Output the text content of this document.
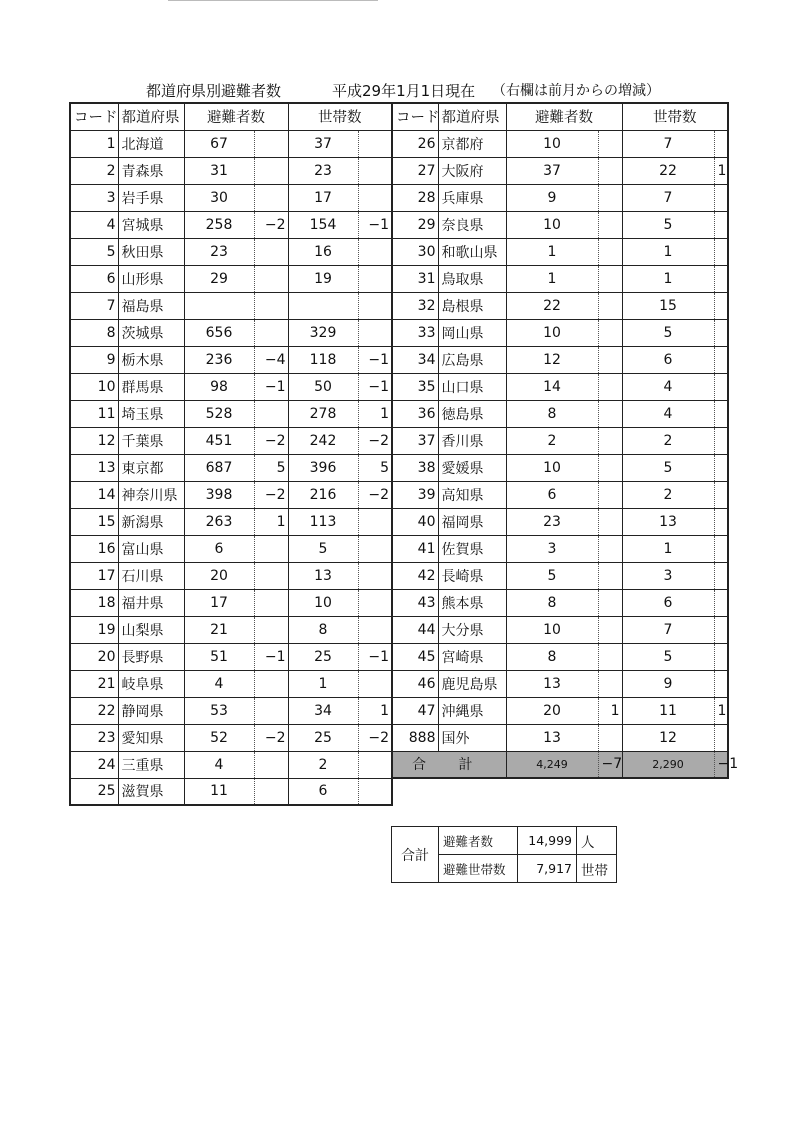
都道府県別避難者数	平成29年1月1日現在 （右欄は前月からの増減）
コード	都道府県	避難者数		世帯数	
1	北海道	67		37	
2	青森県	31		23	
3	岩手県	30		17	
4	宮城県	258	−2	154	−1
5	秋田県	23		16	
6	山形県	29		19	
7	福島県				
8	茨城県	656		329	
9	栃木県	236	−4	118	−1
10	群馬県	98	−1	50	−1
11	埼玉県	528		278	1
12	千葉県	451	−2	242	−2
13	東京都	687	5	396	5
14	神奈川県	398	−2	216	−2
15	新潟県	263	1	113	
16	富山県	6		5	
17	石川県	20		13	
18	福井県	17		10	
19	山梨県	21		8	
20	長野県	51	−1	25	−1
21	岐阜県	4		1	
22	静岡県	53		34	1
23	愛知県	52	−2	25	−2
24	三重県	4		2	
25	滋賀県	11		6	
コード	都道府県	避難者数		世帯数	
26	京都府	10		7	
27	大阪府	37		22	1
28	兵庫県	9		7	
29	奈良県	10		5	
30	和歌山県	1		1	
31	鳥取県	1		1	
32	島根県	22		15	
33	岡山県	10		5	
34	広島県	12		6	
35	山口県	14		4	
36	徳島県	8		4	
37	香川県	2		2	
38	愛媛県	10		5	
39	高知県	6		2	
40	福岡県	23		13	
41	佐賀県	3		1	
42	長崎県	5		3	
43	熊本県	8		6	
44	大分県	10		7	
45	宮崎県	8		5	
46	鹿児島県	13		9	
47	沖縄県	20	1	11	1
888	国外	13		12	
合 計		4,249	−7	2,290	−1
合計	避難者数	14,999	人
	避難世帯数	7,917	世帯
